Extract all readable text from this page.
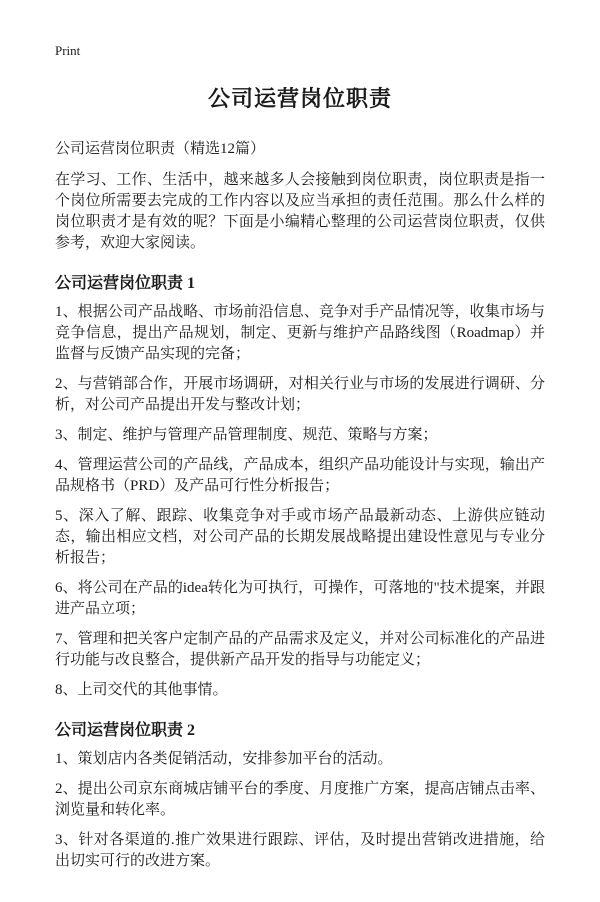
Print
公司运营岗位职责
公司运营岗位职责（精选12篇）

在学习、工作、生活中，越来越多人会接触到岗位职责，岗位职责是指一个岗位所需要去完成的工作内容以及应当承担的责任范围。那么什么样的岗位职责才是有效的呢？下面是小编精心整理的公司运营岗位职责，仅供参考，欢迎大家阅读。

公司运营岗位职责 1

1、根据公司产品战略、市场前沿信息、竞争对手产品情况等，收集市场与竞争信息，提出产品规划，制定、更新与维护产品路线图（Roadmap）并监督与反馈产品实现的完备；

2、与营销部合作，开展市场调研，对相关行业与市场的发展进行调研、分析，对公司产品提出开发与整改计划；

3、制定、维护与管理产品管理制度、规范、策略与方案；

4、管理运营公司的产品线，产品成本，组织产品功能设计与实现，输出产品规格书（PRD）及产品可行性分析报告；

5、深入了解、跟踪、收集竞争对手或市场产品最新动态、上游供应链动态，输出相应文档，对公司产品的长期发展战略提出建设性意见与专业分析报告；

6、将公司在产品的idea转化为可执行，可操作，可落地的"技术提案，并跟进产品立项；

7、管理和把关客户定制产品的产品需求及定义，并对公司标准化的产品进行功能与改良整合，提供新产品开发的指导与功能定义；

8、上司交代的其他事情。

公司运营岗位职责 2

1、策划店内各类促销活动，安排参加平台的活动。

2、提出公司京东商城店铺平台的季度、月度推广方案，提高店铺点击率、浏览量和转化率。

3、针对各渠道的.推广效果进行跟踪、评估，及时提出营销改进措施，给出切实可行的改进方案。
